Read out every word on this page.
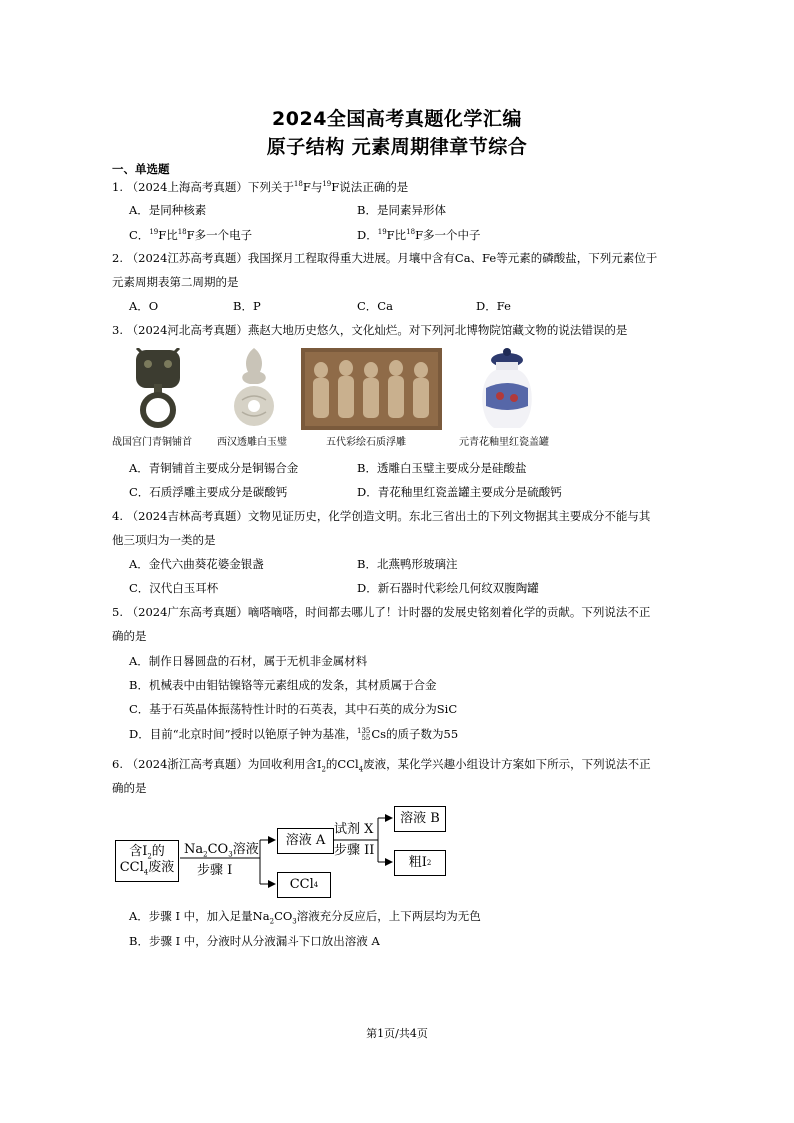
2024全国高考真题化学汇编
原子结构 元素周期律章节综合
一、单选题
1. （2024上海高考真题）下列关于$^{18}$F与$^{19}$F说法正确的是
A．是同种核素	B．是同素异形体
C．$^{19}$F比$^{18}$F多一个电子	D．$^{19}$F比$^{18}$F多一个中子
2. （2024江苏高考真题）我国探月工程取得重大进展。月壤中含有Ca、Fe等元素的磷酸盐，下列元素位于
元素周期表第二周期的是
A．O	B．P	C．Ca	D．Fe
3. （2024河北高考真题）燕赵大地历史悠久，文化灿烂。对下列河北博物院馆藏文物的说法错误的是
战国宫门青铜铺首	西汉透雕白玉璧	五代彩绘石质浮雕	元青花釉里红瓷盖罐
A．青铜铺首主要成分是铜锡合金	B．透雕白玉璧主要成分是硅酸盐
C．石质浮雕主要成分是碳酸钙	D．青花釉里红瓷盖罐主要成分是硫酸钙
4. （2024吉林高考真题）文物见证历史，化学创造文明。东北三省出土的下列文物据其主要成分不能与其
他三项归为一类的是
A．金代六曲葵花婆金银盏	B．北燕鸭形玻璃注
C．汉代白玉耳杯	D．新石器时代彩绘几何纹双腹陶罐
5. （2024广东高考真题）嘀嗒嘀嗒，时间都去哪儿了！计时器的发展史铭刻着化学的贡献。下列说法不正
确的是
A．制作日晷圆盘的石材，属于无机非金属材料
B．机械表中由钼钴镍铬等元素组成的发条，其材质属于合金
C．基于石英晶体振荡特性计时的石英表，其中石英的成分为SiC
D．目前“北京时间”授时以铯原子钟为基准，135
55Cs的质子数为55
6. （2024浙江高考真题）为回收利用含$I_2$的CCl$_4$废液，某化学兴趣小组设计方案如下所示，下列说法不正
确的是
含$I_2$的
CCl$_4$废液
$Na_2CO_3$溶液
步骤 I
溶液 A
CCl 4
试剂 X
步骤 II
溶液 B
粗I 2
A．步骤 I 中，加入足量$Na_2CO_3$溶液充分反应后，上下两层均为无色
B．步骤 I 中，分液时从分液漏斗下口放出溶液 A
第1页/共4页
